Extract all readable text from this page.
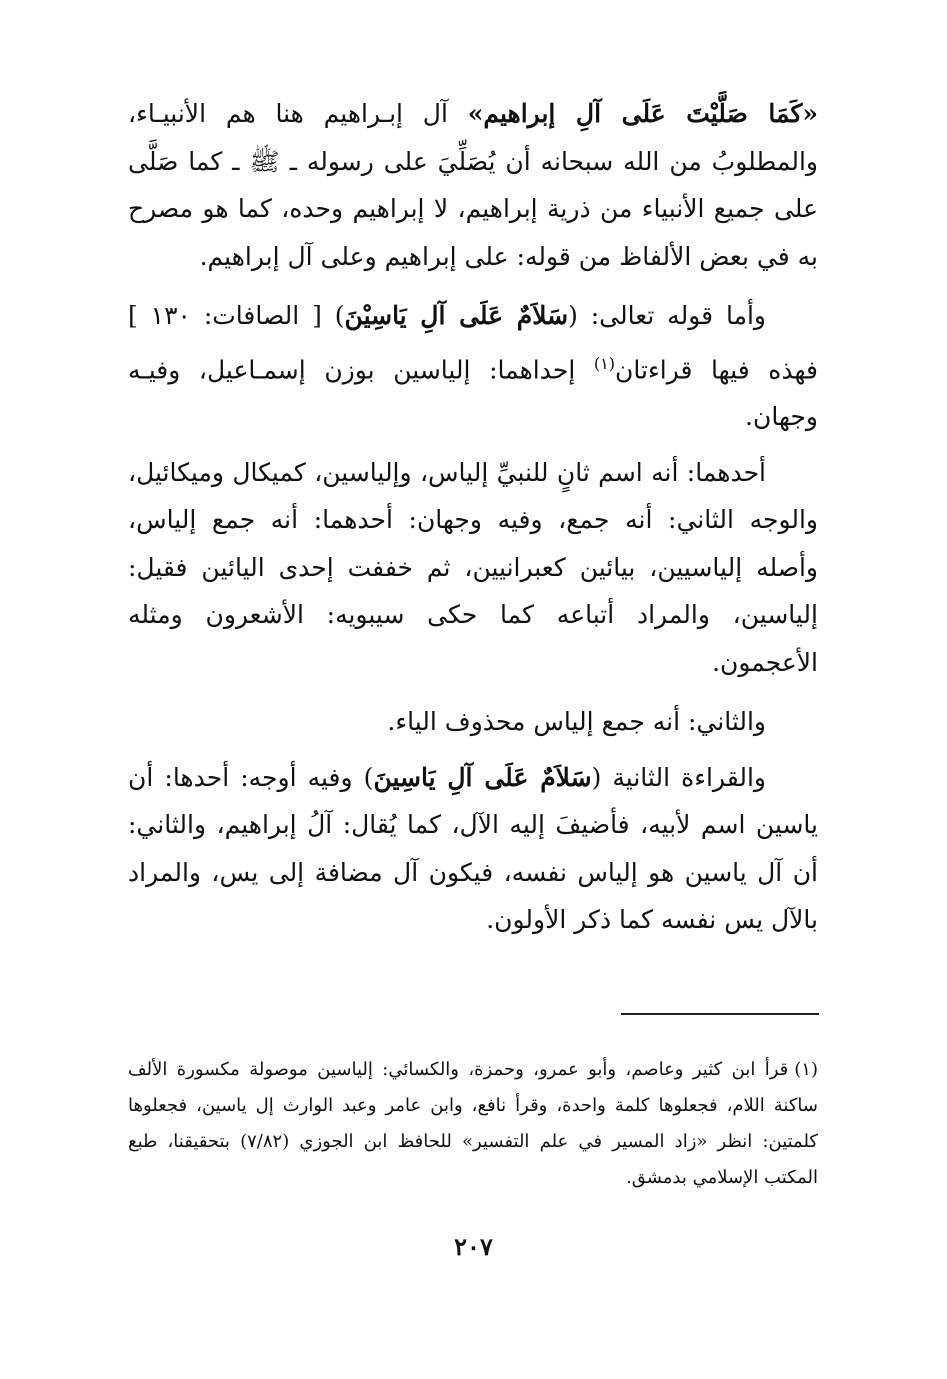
«كَمَا صَلَّيْتَ عَلَى آلِ إبراهيم» آل إبـراهيم هنا هم الأنبيـاء، والمطلوبُ من الله سبحانه أن يُصَلِّيَ على رسوله ـ ﷺ ـ كما صَلَّى على جميع الأنبياء من ذرية إبراهيم، لا إبراهيم وحده، كما هو مصرح به في بعض الألفاظ من قوله: على إبراهيم وعلى آل إبراهيم.

وأما قوله تعالى: (سَلاَمٌ عَلَى آلِ يَاسِيْنَ) [ الصافات: ١٣٠ ] فهذه فيها قراءتان$^{(١)}$ إحداهما: إلياسين بوزن إسمـاعيل، وفيـه وجهان.

أحدهما: أنه اسم ثانٍ للنبيِّ إلياس، وإلياسين، كميكال وميكائيل، والوجه الثاني: أنه جمع، وفيه وجهان: أحدهما: أنه جمع إلياس، وأصله إلياسيين، بيائين كعبرانيين، ثم خففت إحدى اليائين فقيل: إلياسين، والمراد أتباعه كما حكى سيبويه: الأشعرون ومثله الأعجمون.

والثاني: أنه جمع إلياس محذوف الياء.

والقراءة الثانية (سَلاَمٌ عَلَى آلِ يَاسِينَ) وفيه أوجه: أحدها: أن ياسين اسم لأبيه، فأضيفَ إليه الآل، كما يُقال: آلُ إبراهيم، والثاني: أن آل ياسين هو إلياس نفسه، فيكون آل مضافة إلى يس، والمراد بالآل يس نفسه كما ذكر الأولون.

(١)قرأ ابن كثير وعاصم، وأبو عمرو، وحمزة، والكسائي: إلياسين موصولة مكسورة الألف ساكنة اللام، فجعلوها كلمة واحدة، وقرأ نافع، وابن عامر وعبد الوارث إل ياسين، فجعلوها كلمتين: انظر «زاد المسير في علم التفسير» للحافظ ابن الجوزي (٧/٨٢) بتحقيقنا، طبع المكتب الإسلامي بدمشق.

٢٠٧
